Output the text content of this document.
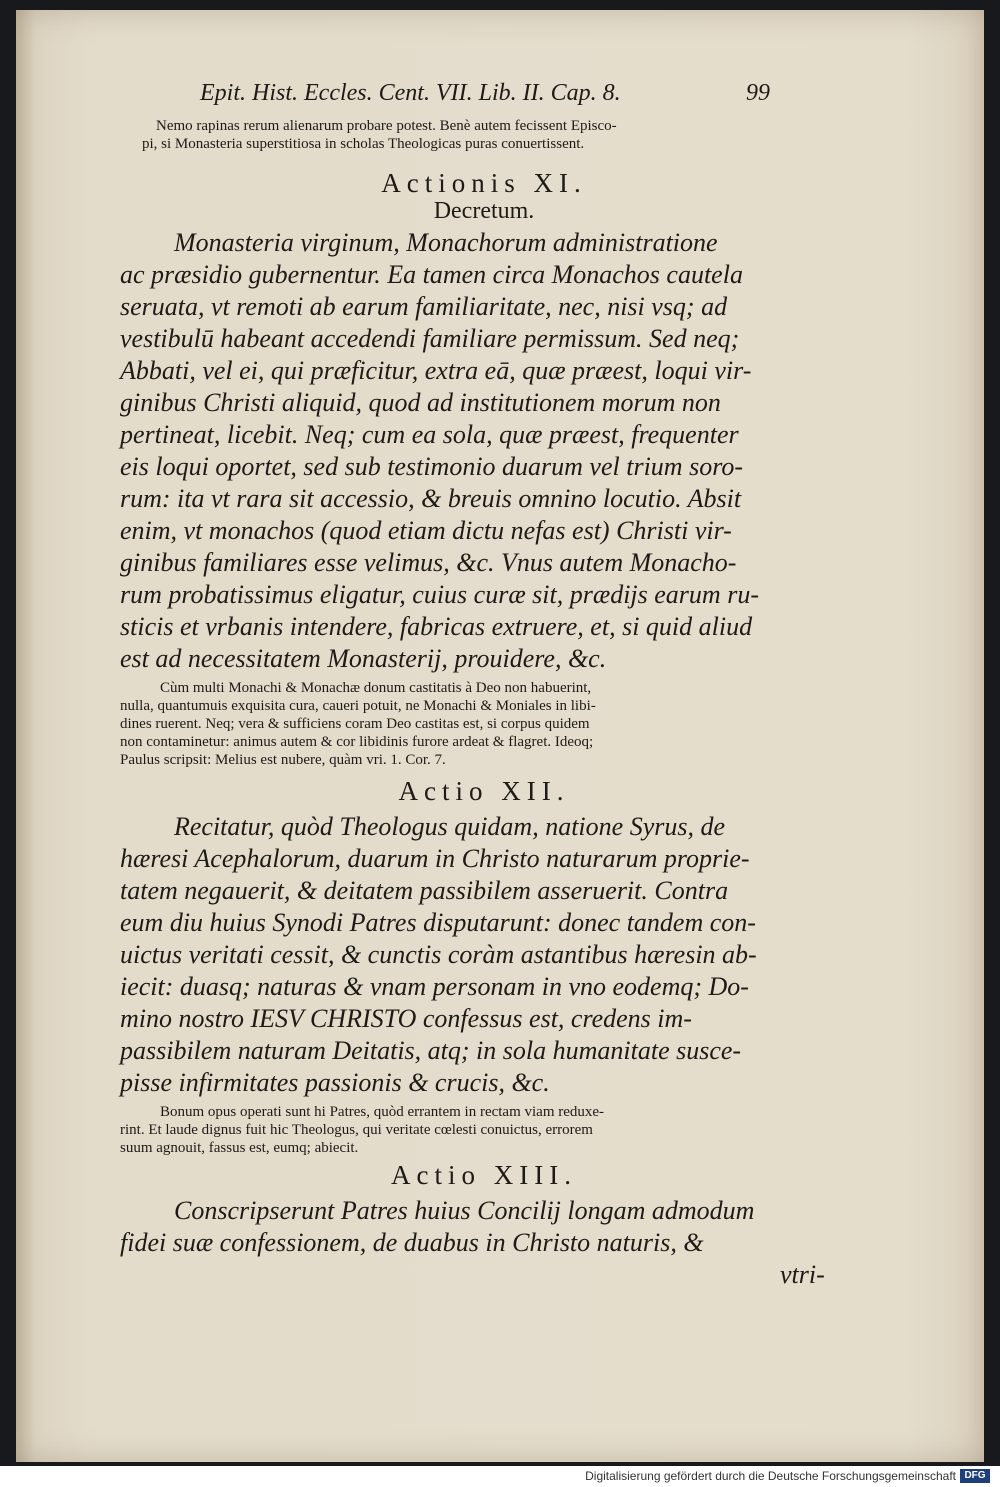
Epit. Hist. Eccles. Cent. VII. Lib. II. Cap. 8.	99
Nemo rapinas rerum alienarum probare potest. Benè autem fecissent Episco-
pi, si Monasteria superstitiosa in scholas Theologicas puras conuertissent.
Actionis XI.
Decretum.
Monasteria virginum, Monachorum administratione
ac præsidio gubernentur. Ea tamen circa Monachos cautela
seruata, vt remoti ab earum familiaritate, nec, nisi vsq; ad
vestibulū habeant accedendi familiare permissum. Sed neq;
Abbati, vel ei, qui præficitur, extra eā, quæ præest, loqui vir-
ginibus Christi aliquid, quod ad institutionem morum non
pertineat, licebit. Neq; cum ea sola, quæ præest, frequenter
eis loqui oportet, sed sub testimonio duarum vel trium soro-
rum: ita vt rara sit accessio, & breuis omnino locutio. Absit
enim, vt monachos (quod etiam dictu nefas est) Christi vir-
ginibus familiares esse velimus, &c. Vnus autem Monacho-
rum probatissimus eligatur, cuius curæ sit, prædijs earum ru-
sticis et vrbanis intendere, fabricas extruere, et, si quid aliud
est ad necessitatem Monasterij, prouidere, &c.
Cùm multi Monachi & Monachæ donum castitatis à Deo non habuerint,
nulla, quantumuis exquisita cura, caueri potuit, ne Monachi & Moniales in libi-
dines ruerent. Neq; vera & sufficiens coram Deo castitas est, si corpus quidem
non contaminetur: animus autem & cor libidinis furore ardeat & flagret. Ideoq;
Paulus scripsit: Melius est nubere, quàm vri. 1. Cor. 7.
Actio XII.
Recitatur, quòd Theologus quidam, natione Syrus, de
hæresi Acephalorum, duarum in Christo naturarum proprie-
tatem negauerit, & deitatem passibilem asseruerit. Contra
eum diu huius Synodi Patres disputarunt: donec tandem con-
uictus veritati cessit, & cunctis coràm astantibus hæresin ab-
iecit: duasq; naturas & vnam personam in vno eodemq; Do-
mino nostro IESV CHRISTO confessus est, credens im-
passibilem naturam Deitatis, atq; in sola humanitate susce-
pisse infirmitates passionis & crucis, &c.
Bonum opus operati sunt hi Patres, quòd errantem in rectam viam reduxe-
rint. Et laude dignus fuit hic Theologus, qui veritate cœlesti conuictus, errorem
suum agnouit, fassus est, eumq; abiecit.
Actio XIII.
Conscripserunt Patres huius Concilij longam admodum
fidei suæ confessionem, de duabus in Christo naturis, &
vtri-
Digitalisierung gefördert durch die Deutsche Forschungsgemeinschaft DFG
